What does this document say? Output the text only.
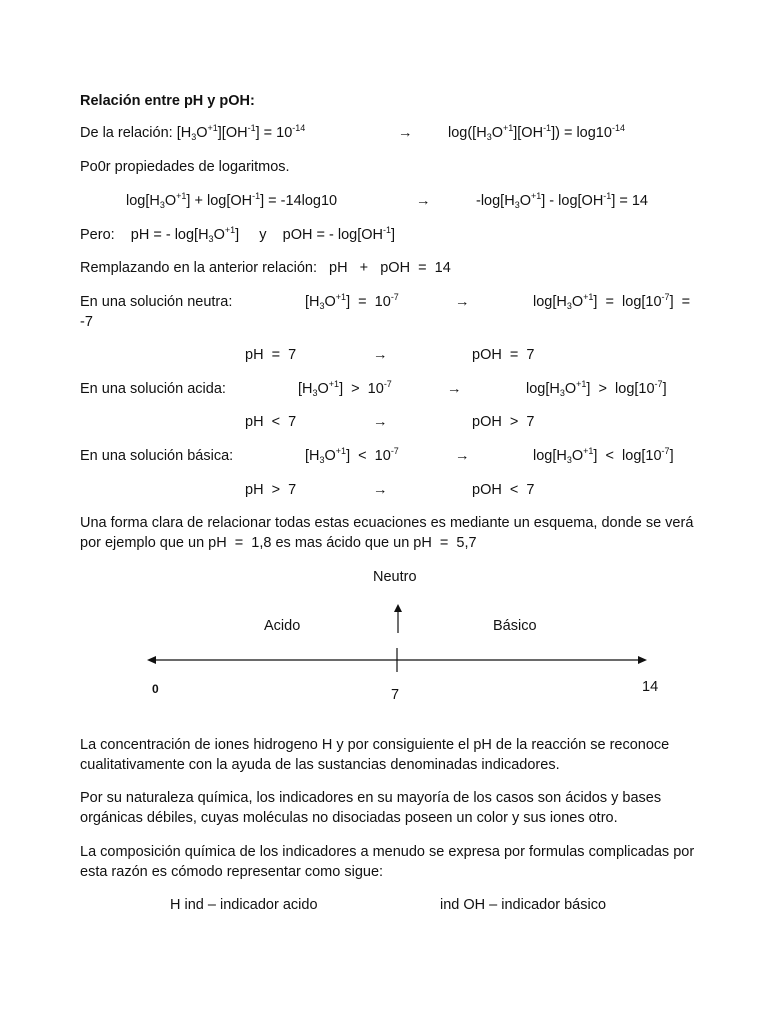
Relación entre pH y pOH:
De la relación: $[H_3O^{+1}][OH^{-1}] = 10^{-14}$	→ $\log([H_3O^{+1}][OH^{-1}]) = \log 10^{-14}$
Po0r propiedades de logaritmos.
$\log[H_3O^{+1}] + \log[OH^{-1}] = -14\log 10$	→	$-\log[H_3O^{+1}] - \log[OH^{-1}] = 14$
Pero:    pH = - $\log[H_3O^{+1}]$     y    pOH = - $\log[OH^{-1}]$
Remplazando en la anterior relación:   pH   +   pOH  =  14
En una solución neutra:	$[H_3O^{+1}] = 10^{-7}$	→	$\log[H_3O^{+1}] = \log[10^{-7}]$  =
-7
pH  =  7	→	pOH  =  7
En una solución acida:	$[H_3O^{+1}] > 10^{-7}$	→	$\log[H_3O^{+1}] > \log[10^{-7}]$
pH  <  7	→	pOH  >  7
En una solución básica:	$[H_3O^{+1}] < 10^{-7}$	→	$\log[H_3O^{+1}] < \log[10^{-7}]$
pH  >  7	→	pOH  <  7
Una forma clara de relacionar todas estas ecuaciones es mediante un esquema, donde se verá por ejemplo que un pH  =  1,8 es mas ácido que un pH  =  5,7
Neutro
Acido	Básico
0	7	14
La concentración de iones hidrogeno H y por consiguiente el pH de la reacción se reconoce cualitativamente con la ayuda de las sustancias denominadas indicadores.
Por su naturaleza química, los indicadores en su mayoría de los casos son ácidos y bases orgánicas débiles, cuyas moléculas no disociadas poseen un color y sus iones otro.
La composición química de los indicadores a menudo se expresa por formulas complicadas por esta razón es cómodo representar como sigue:
H ind – indicador acido	ind OH – indicador básico
